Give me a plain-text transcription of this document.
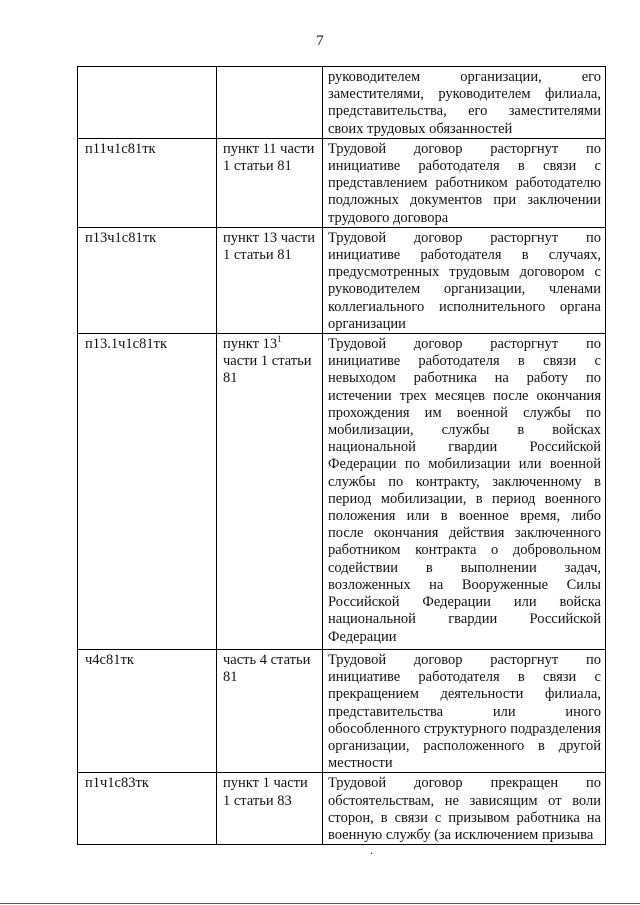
7
		руководителем организации, его заместителями, руководителем филиала, представительства, его заместителями своих трудовых обязанностей
п11ч1с81тк	пункт 11 части 1 статьи 81	Трудовой договор расторгнут по инициативе работодателя в связи с представлением работником работодателю подложных документов при заключении трудового договора
п13ч1с81тк	пункт 13 части 1 статьи 81	Трудовой договор расторгнут по инициативе работодателя в случаях, предусмотренных трудовым договором с руководителем организации, членами коллегиального исполнительного органа организации
п13.1ч1с81тк	пункт $13^1$ части 1 статьи 81	Трудовой договор расторгнут по инициативе работодателя в связи с невыходом работника на работу по истечении трех месяцев после окончания прохождения им военной службы по мобилизации, службы в войсках национальной гвардии Российской Федерации по мобилизации или военной службы по контракту, заключенному в период мобилизации, в период военного положения или в военное время, либо после окончания действия заключенного работником контракта о добровольном содействии в выполнении задач, возложенных на Вооруженные Силы Российской Федерации или войска национальной гвардии Российской Федерации
ч4с81тк	часть 4 статьи 81	Трудовой договор расторгнут по инициативе работодателя в связи с прекращением деятельности филиала, представительства или иного обособленного структурного подразделения организации, расположенного в другой местности
п1ч1с83тк	пункт 1 части 1 статьи 83	Трудовой договор прекращен по обстоятельствам, не зависящим от воли сторон, в связи с призывом работника на военную службу (за исключением призыва
.
